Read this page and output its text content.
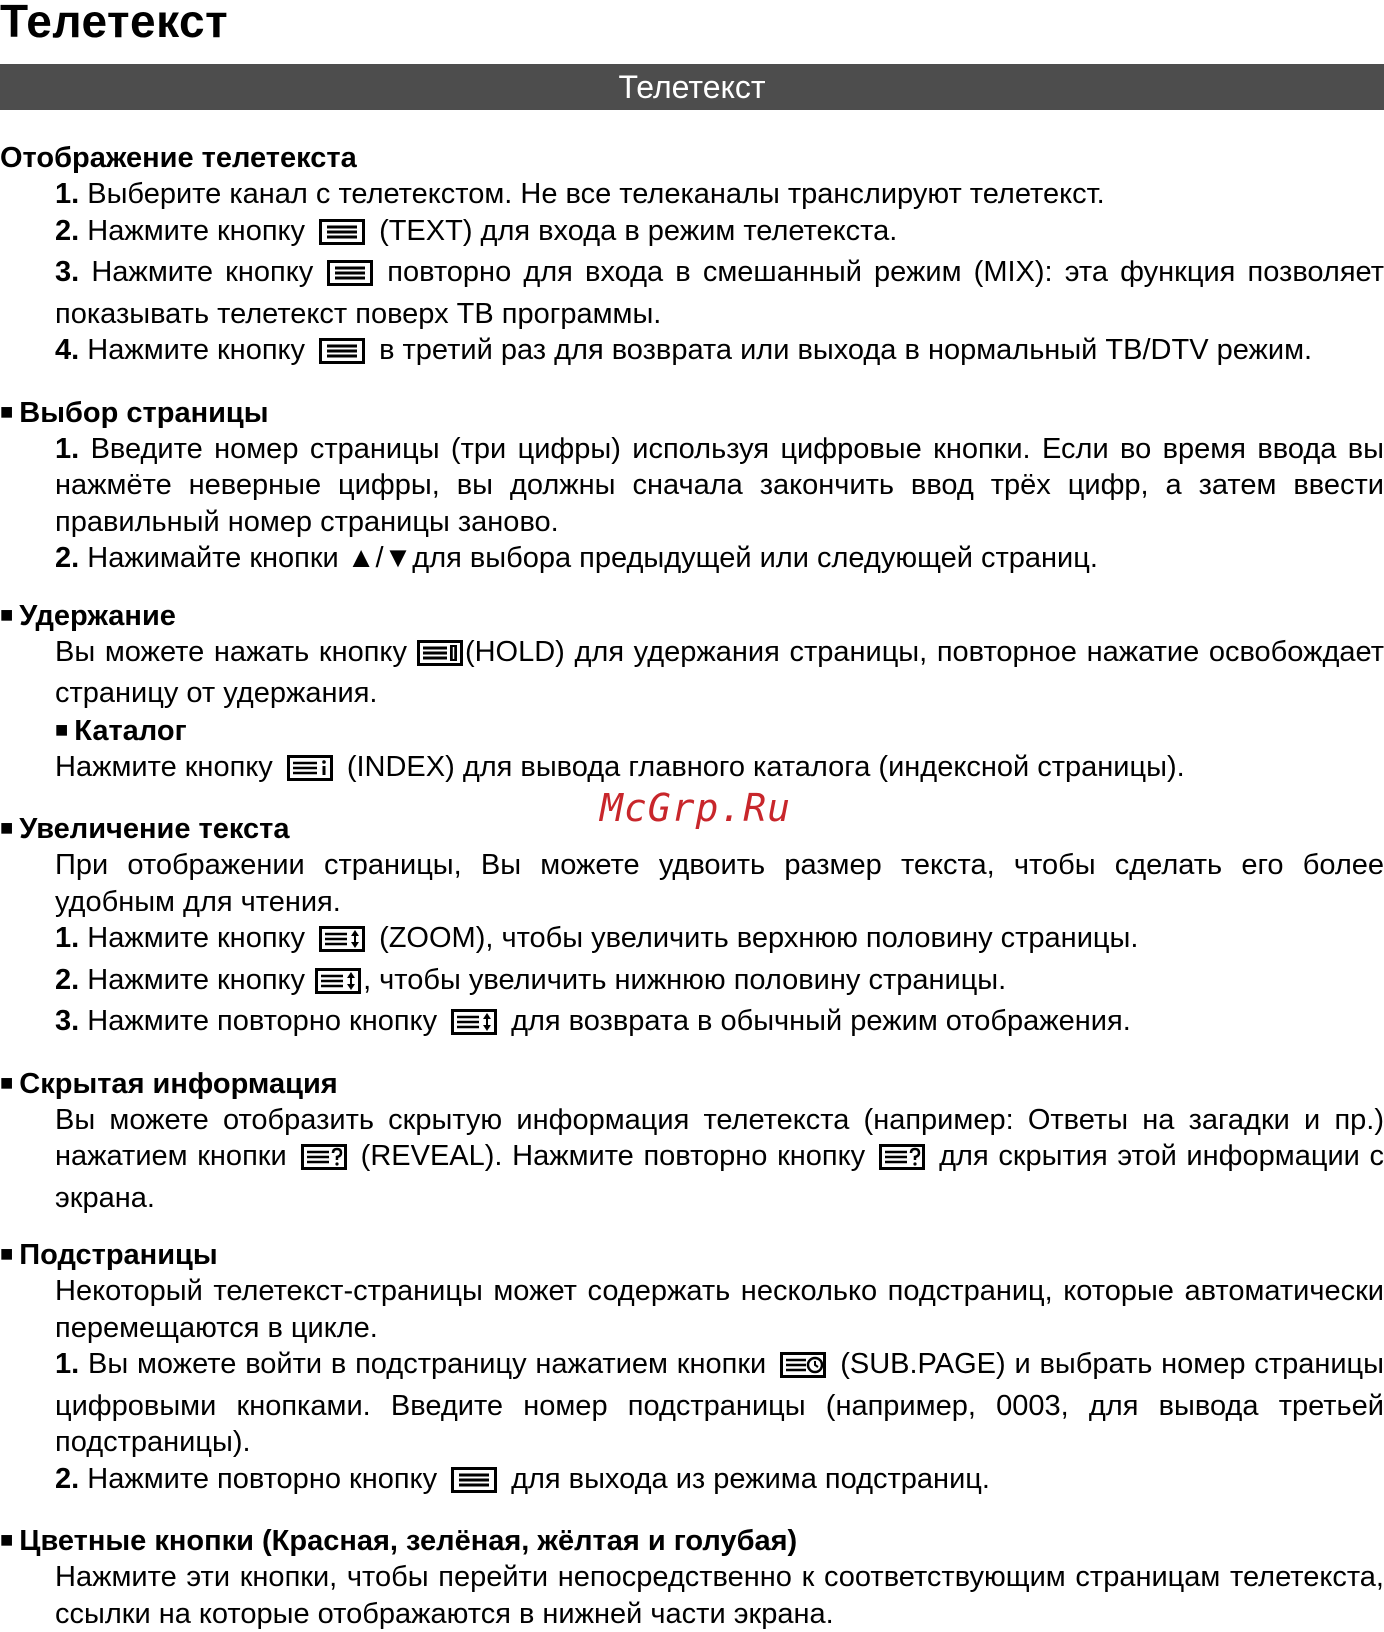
Телетекст
Телетекст
Отображение телетекста

1. Выберите канал с телетекстом. Не все телеканалы транслируют телетекст.

2. Нажмите кнопку	(TEXT) для входа в режим телетекста.

3. Нажмите кнопку	повторно для входа в смешанный режим (MIX): эта функция позволяет показывать телетекст поверх ТВ программы.

4. Нажмите кнопку	в третий раз для возврата или выхода в нормальный ТВ/DTV режим.

■ Выбор страницы

1. Введите номер страницы (три цифры) используя цифровые кнопки. Если во время ввода вы нажмёте неверные цифры, вы должны сначала закончить ввод трёх цифр, а затем ввести правильный номер страницы заново.

2. Нажимайте кнопки ▲/▼для выбора предыдущей или следующей страниц.

■ Удержание

Вы можете нажать кнопку (HOLD) для удержания страницы, повторное нажатие освобождает страницу от удержания.

■ Каталог

Нажмите кнопку	(INDEX) для вывода главного каталога (индексной страницы).

■ Увеличение текста

При отображении страницы, Вы можете удвоить размер текста, чтобы сделать его более удобным для чтения.

1. Нажмите кнопку	(ZOOM), чтобы увеличить верхнюю половину страницы.

2. Нажмите кнопку , чтобы увеличить нижнюю половину страницы.

3. Нажмите повторно кнопку	для возврата в обычный режим отображения.

■ Скрытая информация

Вы можете отобразить скрытую информация телетекста (например: Ответы на загадки и пр.) нажатием кнопки	(REVEAL). Нажмите повторно кнопку	для скрытия этой информации с экрана.

■ Подстраницы

Некоторый телетекст-страницы может содержать несколько подстраниц, которые автоматически перемещаются в цикле.

1. Вы можете войти в подстраницу нажатием кнопки	(SUB.PAGE) и выбрать номер страницы цифровыми кнопками. Введите номер подстраницы (например, 0003, для вывода третьей подстраницы).

2. Нажмите повторно кнопку	для выхода из режима подстраниц.

■ Цветные кнопки (Красная, зелёная, жёлтая и голубая)

Нажмите эти кнопки, чтобы перейти непосредственно к соответствующим страницам телетекста, ссылки на которые отображаются в нижней части экрана.

McGrp.Ru
